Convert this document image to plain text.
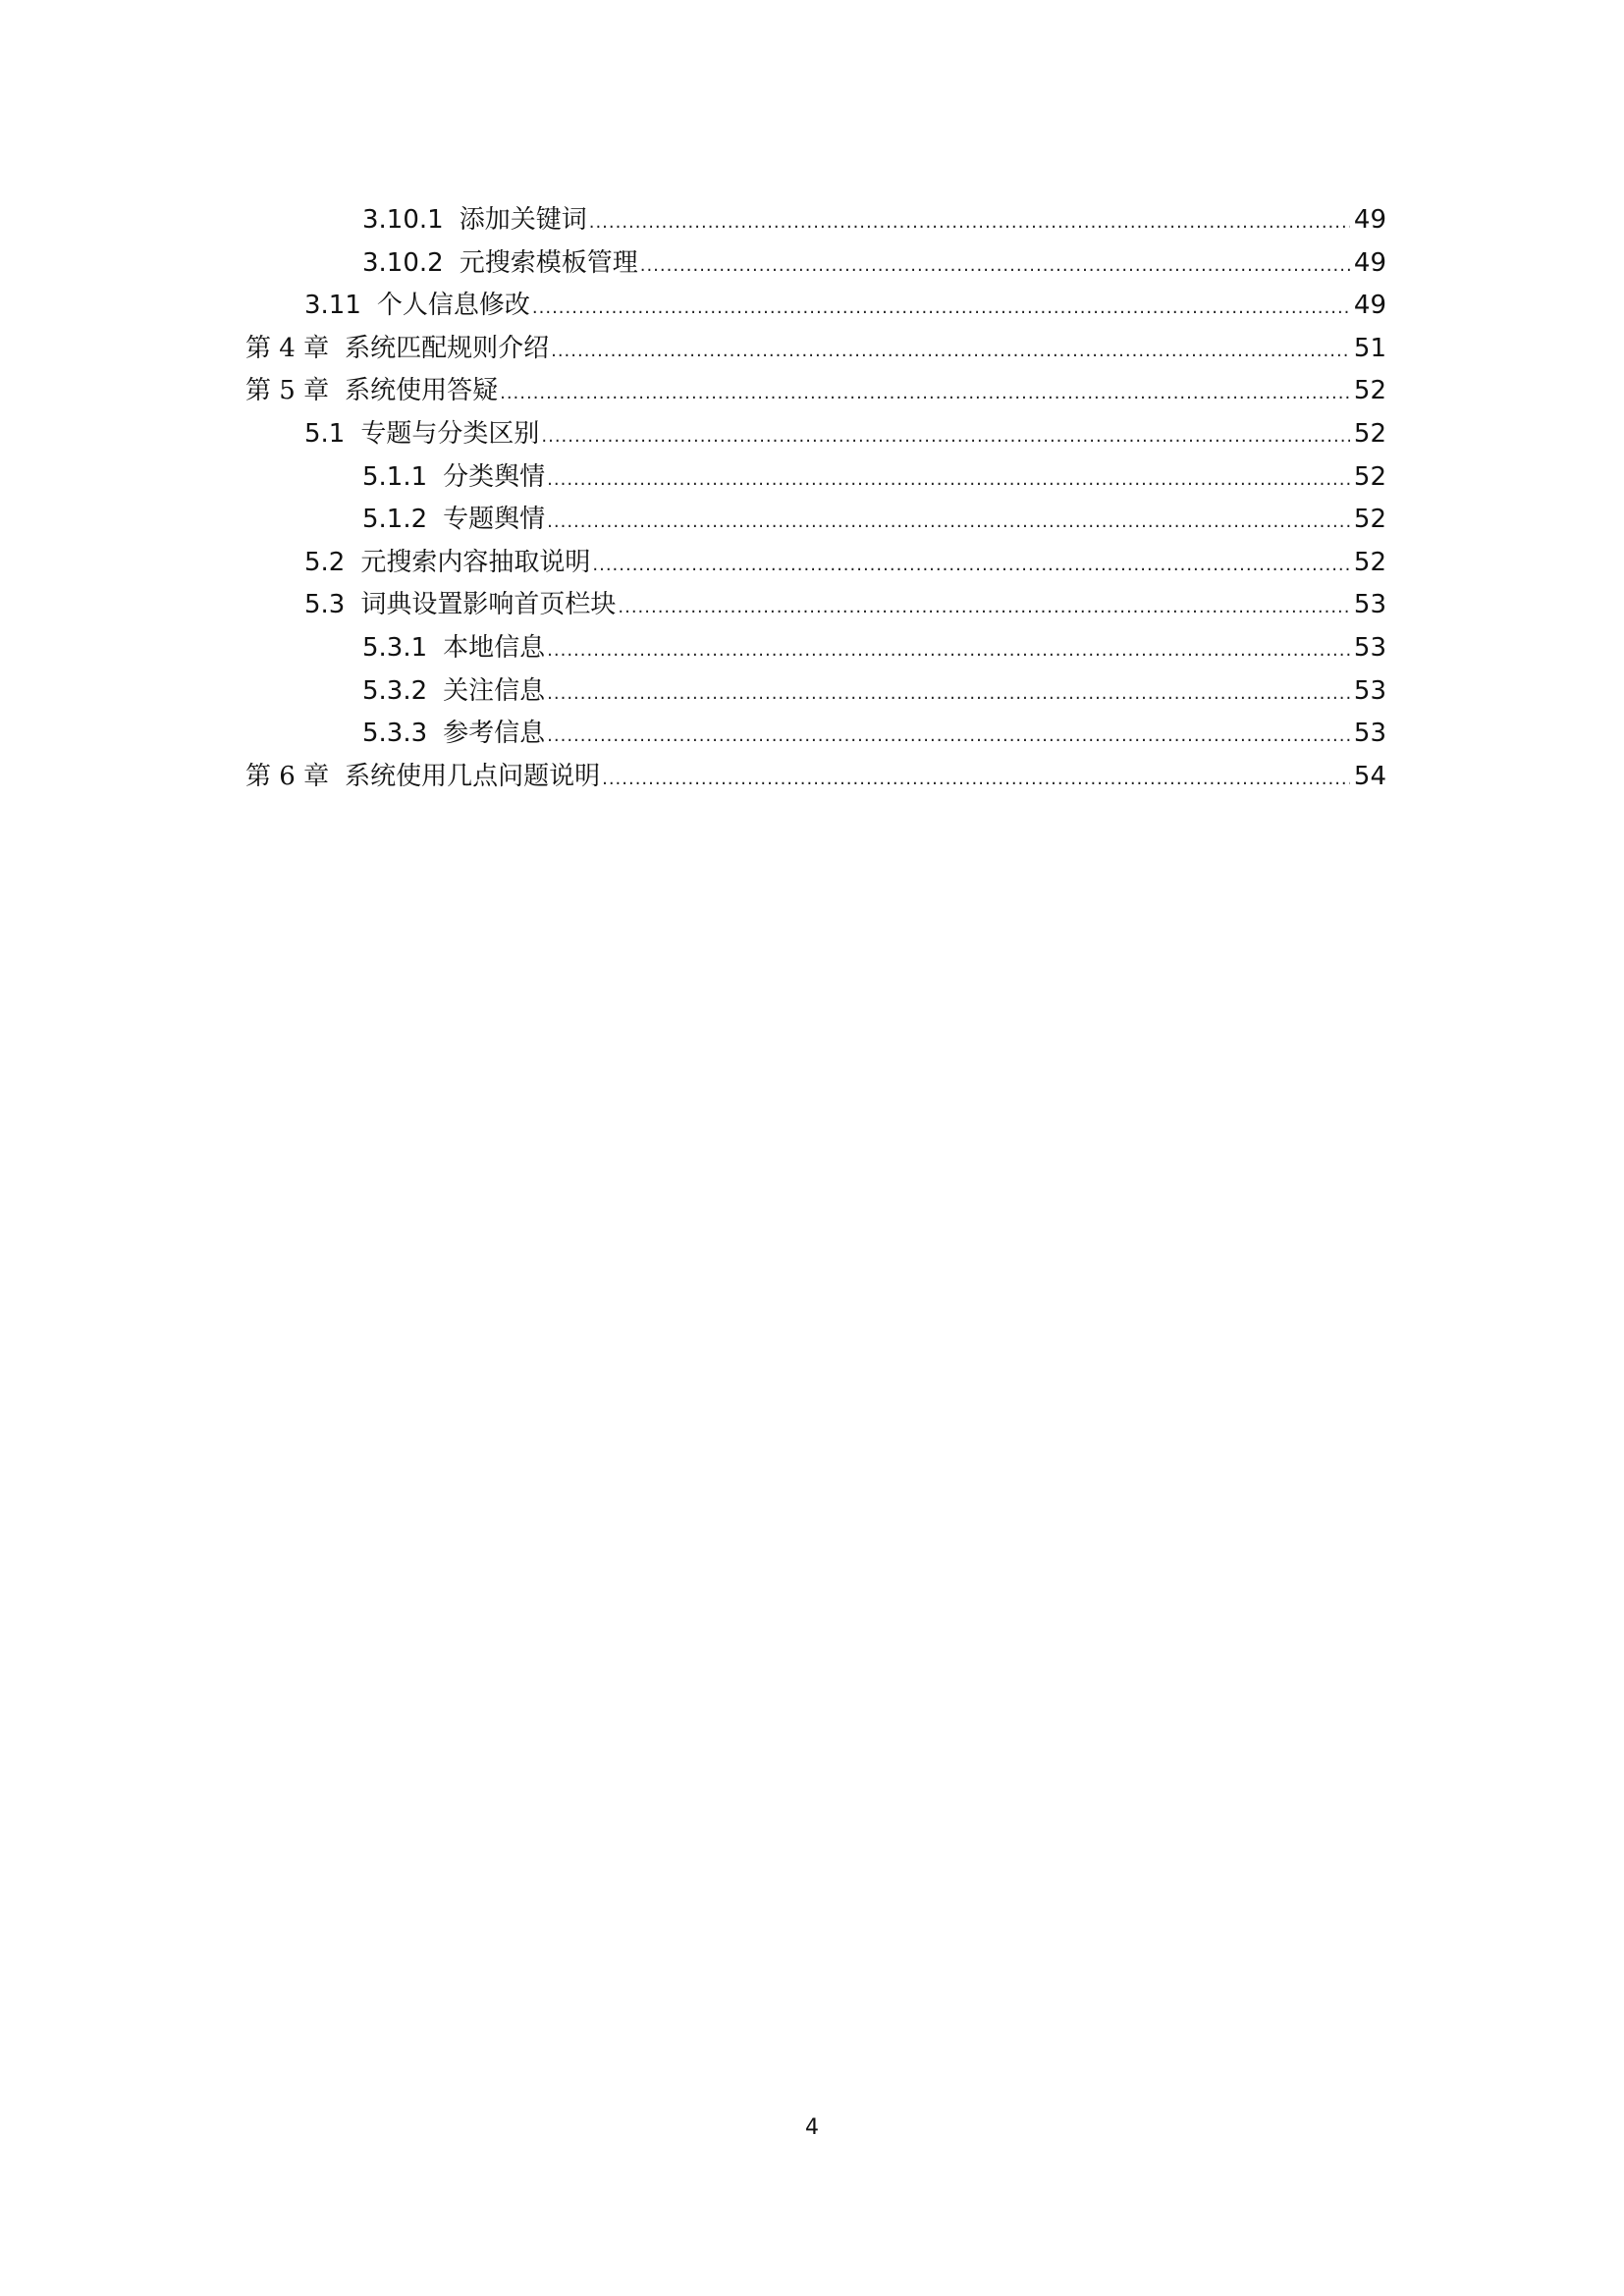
3.10.1 添加关键词 .....	49
3.10.2 元搜索模板管理 .....	49
3.11 个人信息修改 .....	49
第 4 章 系统匹配规则介绍 .....	51
第 5 章 系统使用答疑 .....	52
5.1 专题与分类区别 .....	52
5.1.1 分类舆情 .....	52
5.1.2 专题舆情 .....	52
5.2 元搜索内容抽取说明 .....	52
5.3 词典设置影响首页栏块 .....	53
5.3.1 本地信息 .....	53
5.3.2 关注信息 .....	53
5.3.3 参考信息 .....	53
第 6 章 系统使用几点问题说明 .....	54
4
